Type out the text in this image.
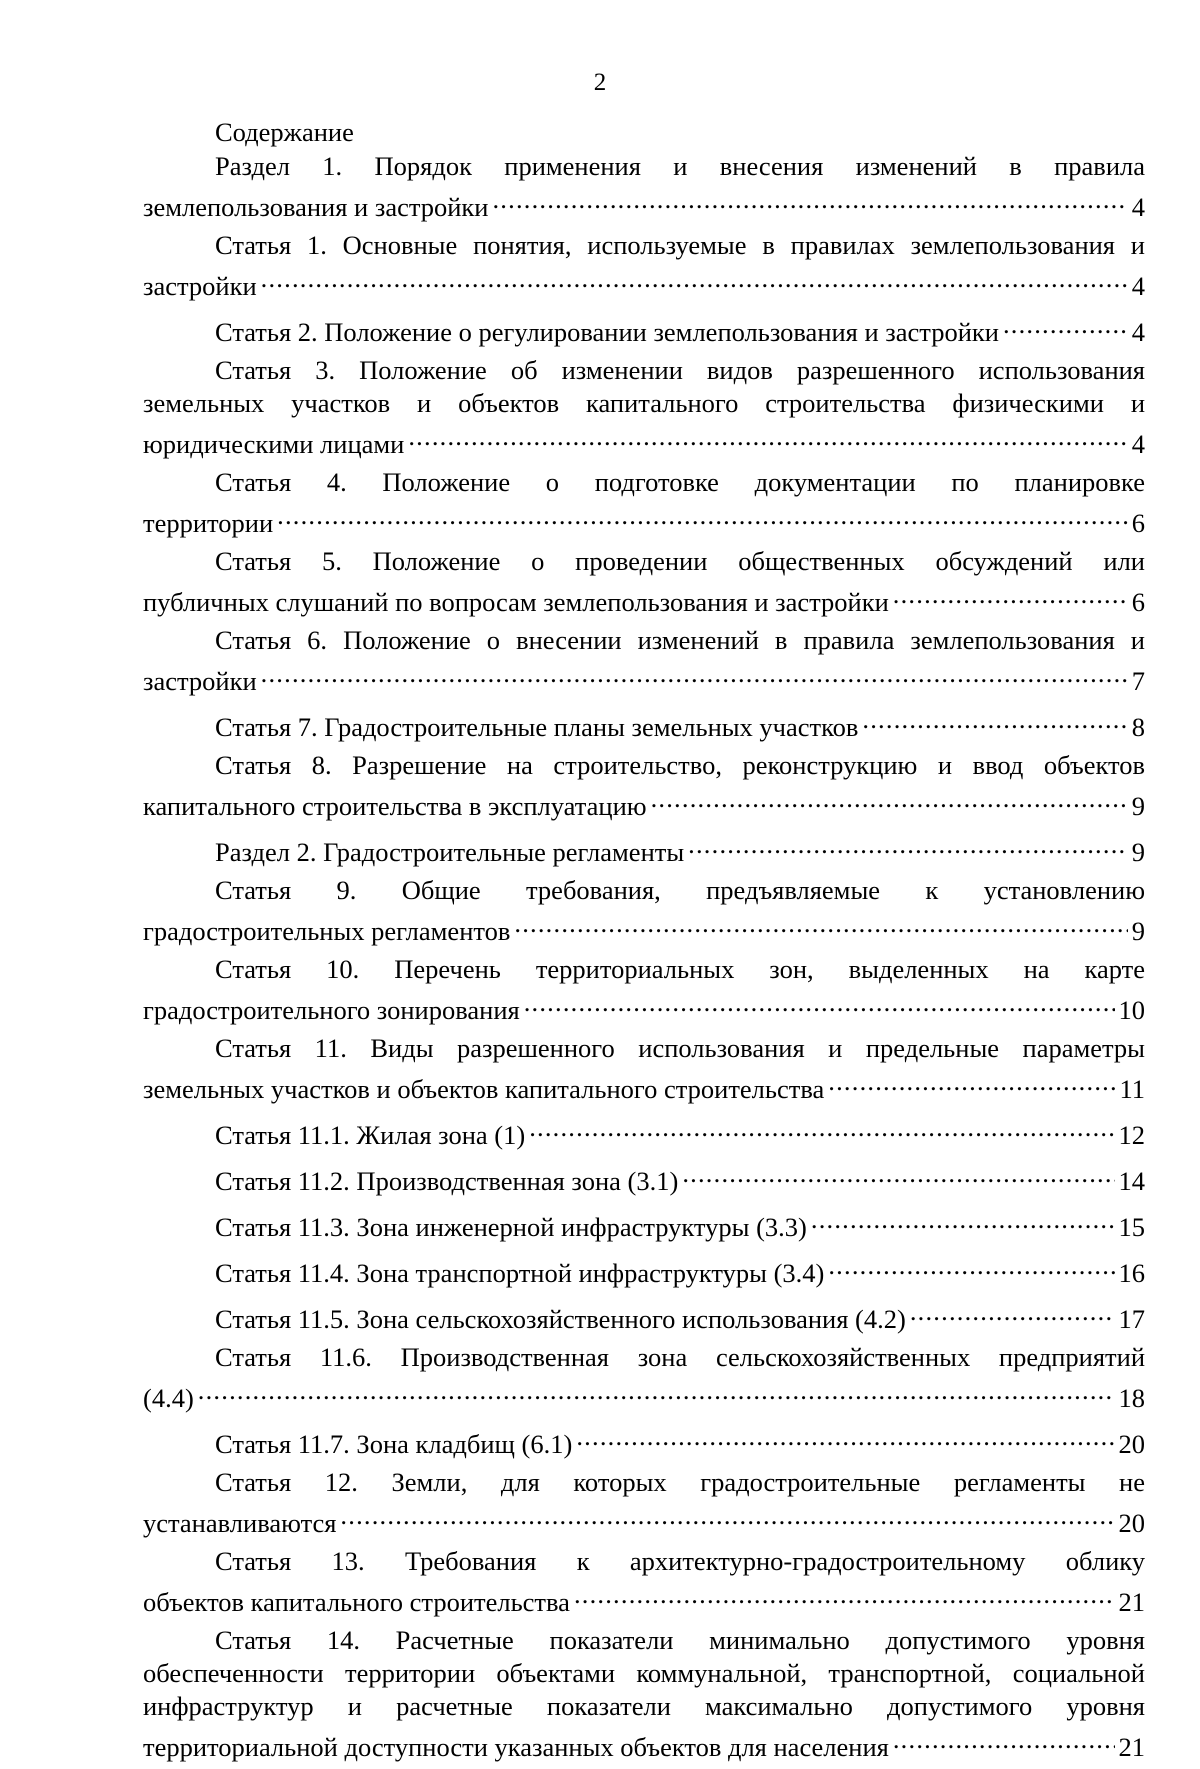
2
Содержание
Раздел 1. Порядок применения и внесения изменений в правила
землепользования и застройки .....	4
Статья 1. Основные понятия, используемые в правилах землепользования и
застройки .....	4
Статья 2. Положение о регулировании землепользования и застройки .....	4
Статья 3. Положение об изменении видов разрешенного использования
земельных участков и объектов капитального строительства физическими и
юридическими лицами .....	4
Статья 4. Положение о подготовке документации по планировке
территории .....	6
Статья 5. Положение о проведении общественных обсуждений или
публичных слушаний по вопросам землепользования и застройки .....	6
Статья 6. Положение о внесении изменений в правила землепользования и
застройки .....	7
Статья 7. Градостроительные планы земельных участков .....	8
Статья 8. Разрешение на строительство, реконструкцию и ввод объектов
капитального строительства в эксплуатацию .....	9
Раздел 2. Градостроительные регламенты .....	9
Статья 9. Общие требования, предъявляемые к установлению
градостроительных регламентов .....	9
Статья 10. Перечень территориальных зон, выделенных на карте
градостроительного зонирования .....	10
Статья 11. Виды разрешенного использования и предельные параметры
земельных участков и объектов капитального строительства .....	11
Статья 11.1. Жилая зона (1) .....	12
Статья 11.2. Производственная зона (3.1) .....	14
Статья 11.3. Зона инженерной инфраструктуры (3.3) .....	15
Статья 11.4. Зона транспортной инфраструктуры (3.4) .....	16
Статья 11.5. Зона сельскохозяйственного использования (4.2) .....	17
Статья 11.6. Производственная зона сельскохозяйственных предприятий
(4.4) .....	18
Статья 11.7. Зона кладбищ (6.1) .....	20
Статья 12. Земли, для которых градостроительные регламенты не
устанавливаются .....	20
Статья 13. Требования к архитектурно-градостроительному облику
объектов капитального строительства .....	21
Статья 14. Расчетные показатели минимально допустимого уровня
обеспеченности территории объектами коммунальной, транспортной, социальной
инфраструктур и расчетные показатели максимально допустимого уровня
территориальной доступности указанных объектов для населения .....	21
